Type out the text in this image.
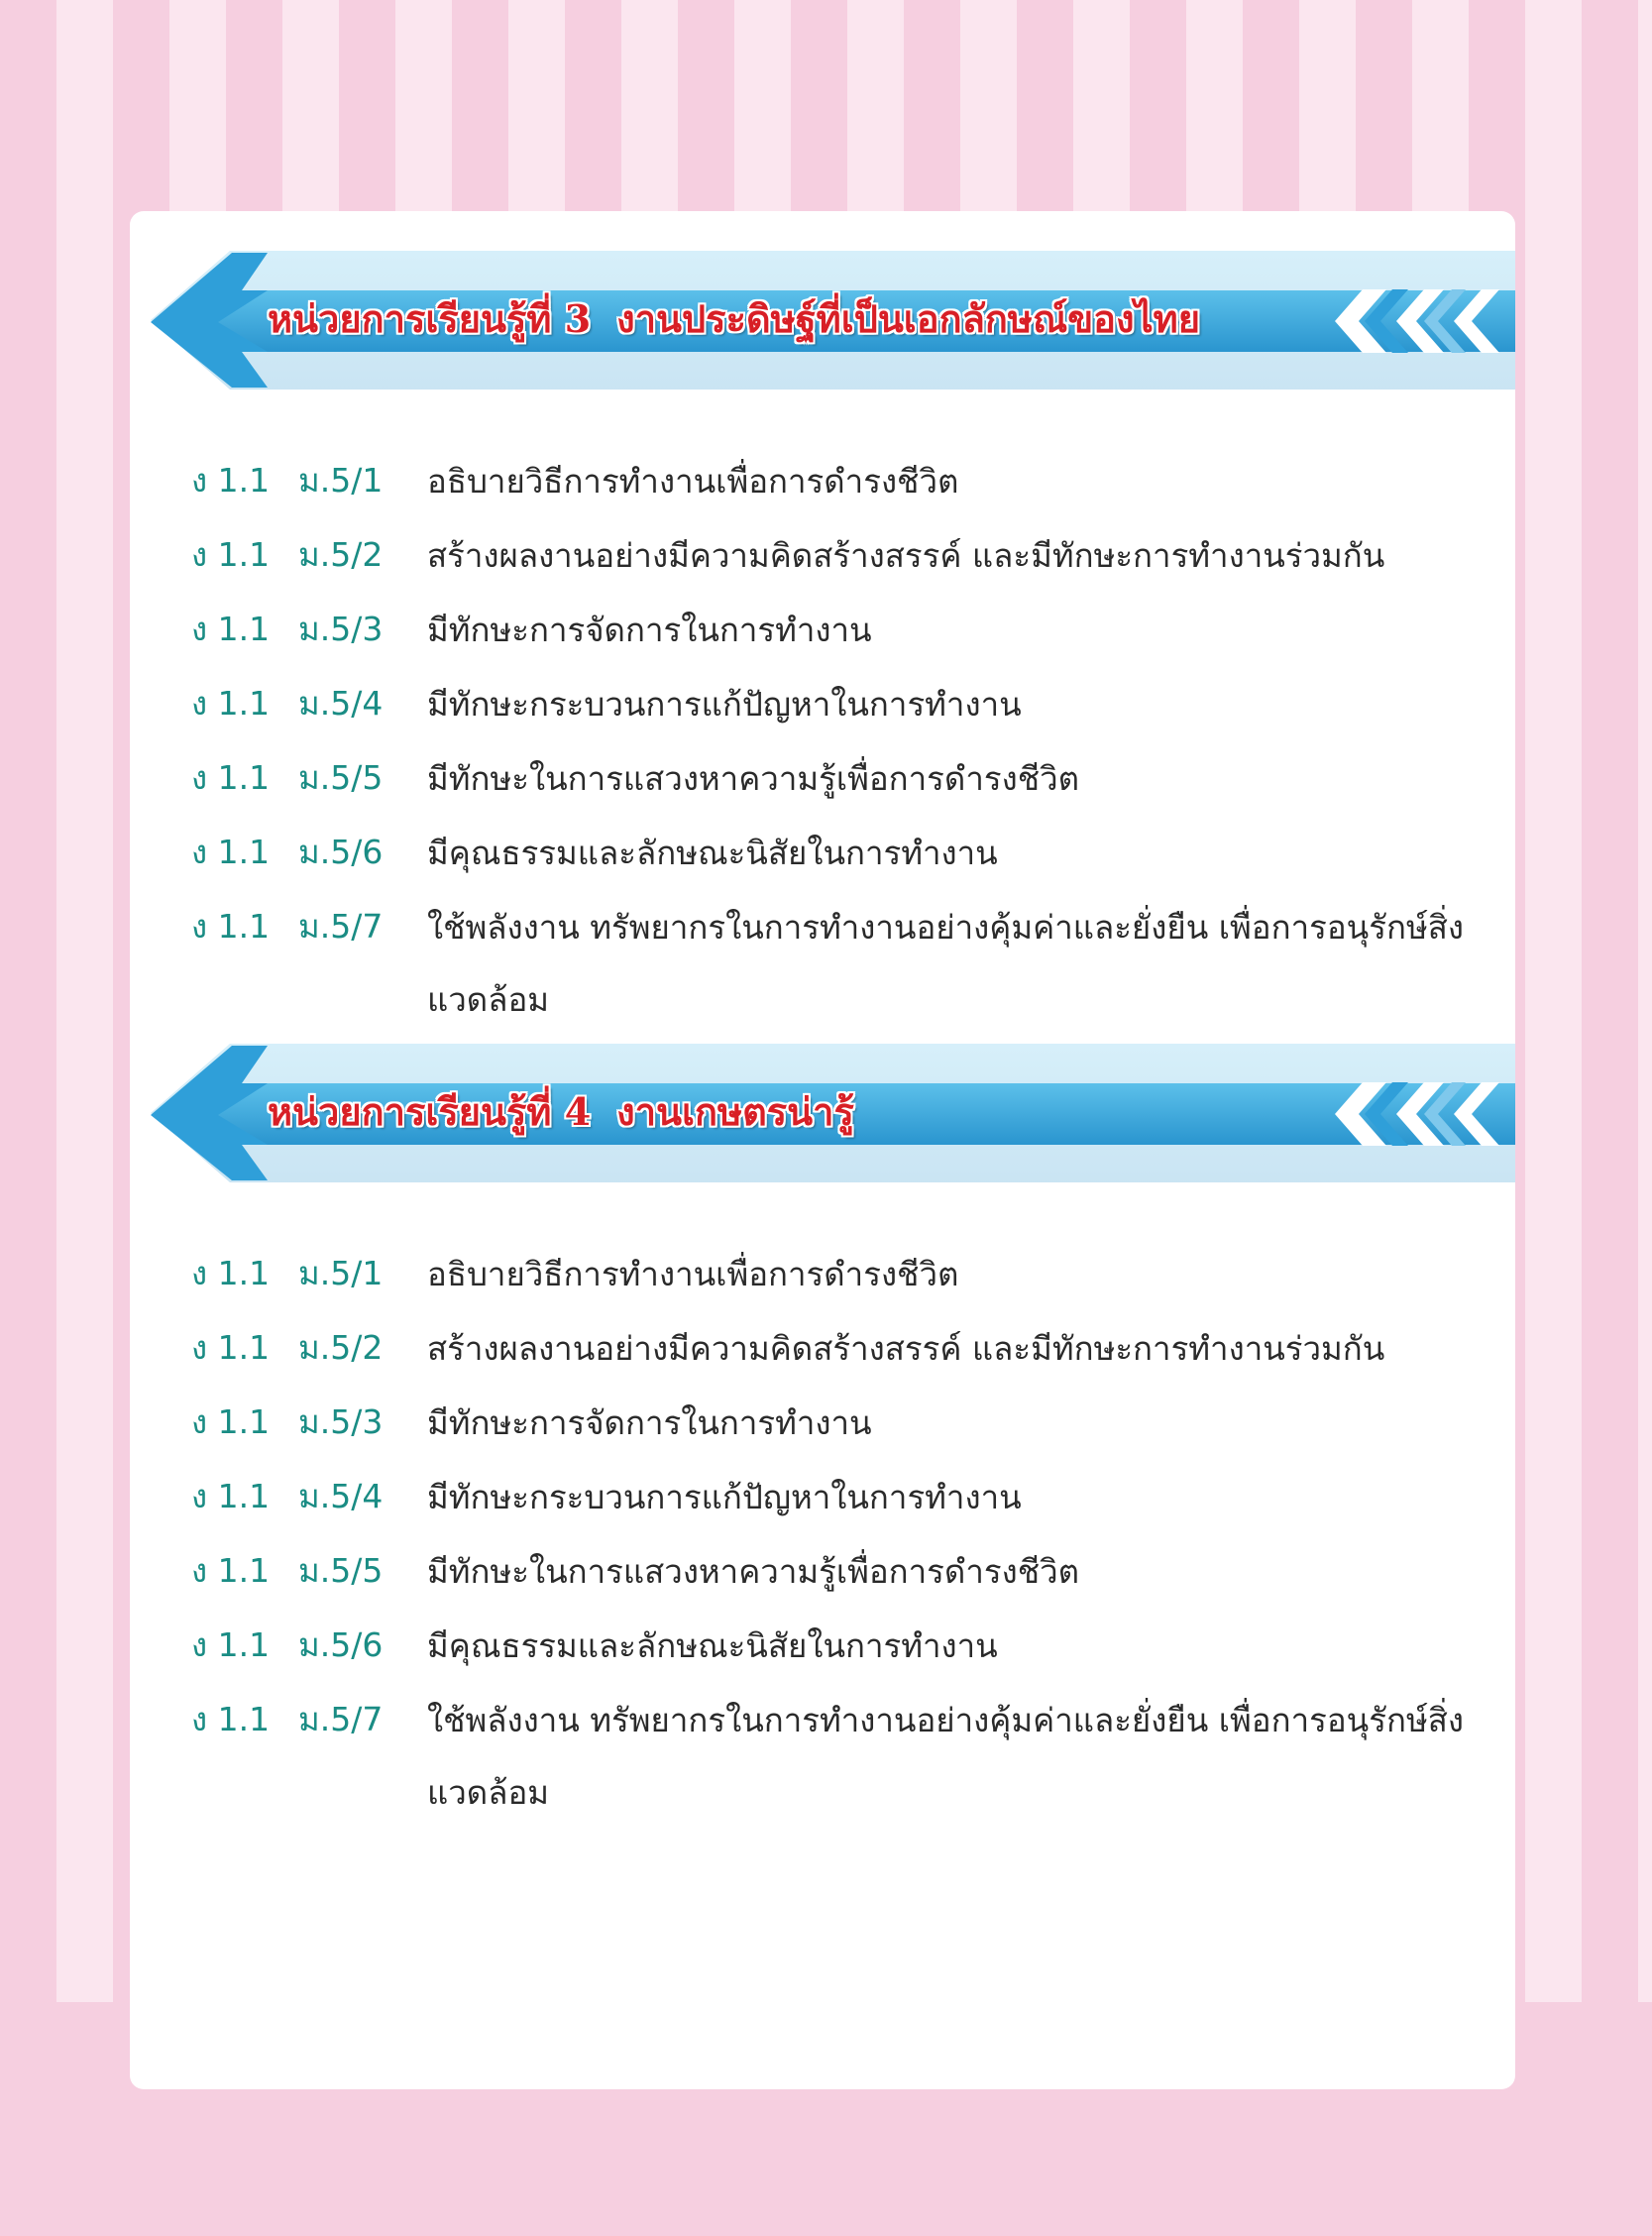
หน่วยการเรียนรู้ที่ 3 งานประดิษฐ์ที่เป็นเอกลักษณ์ของไทย
ง 1.1 ม.5/1 อธิบายวิธีการทำงานเพื่อการดำรงชีวิต
ง 1.1 ม.5/2 สร้างผลงานอย่างมีความคิดสร้างสรรค์ และมีทักษะการทำงานร่วมกัน
ง 1.1 ม.5/3 มีทักษะการจัดการในการทำงาน
ง 1.1 ม.5/4 มีทักษะกระบวนการแก้ปัญหาในการทำงาน
ง 1.1 ม.5/5 มีทักษะในการแสวงหาความรู้เพื่อการดำรงชีวิต
ง 1.1 ม.5/6 มีคุณธรรมและลักษณะนิสัยในการทำงาน
ง 1.1 ม.5/7 ใช้พลังงาน ทรัพยากรในการทำงานอย่างคุ้มค่าและยั่งยืน เพื่อการอนุรักษ์สิ่งแวดล้อม
หน่วยการเรียนรู้ที่ 4 งานเกษตรน่ารู้
ง 1.1 ม.5/1 อธิบายวิธีการทำงานเพื่อการดำรงชีวิต
ง 1.1 ม.5/2 สร้างผลงานอย่างมีความคิดสร้างสรรค์ และมีทักษะการทำงานร่วมกัน
ง 1.1 ม.5/3 มีทักษะการจัดการในการทำงาน
ง 1.1 ม.5/4 มีทักษะกระบวนการแก้ปัญหาในการทำงาน
ง 1.1 ม.5/5 มีทักษะในการแสวงหาความรู้เพื่อการดำรงชีวิต
ง 1.1 ม.5/6 มีคุณธรรมและลักษณะนิสัยในการทำงาน
ง 1.1 ม.5/7 ใช้พลังงาน ทรัพยากรในการทำงานอย่างคุ้มค่าและยั่งยืน เพื่อการอนุรักษ์สิ่งแวดล้อม
